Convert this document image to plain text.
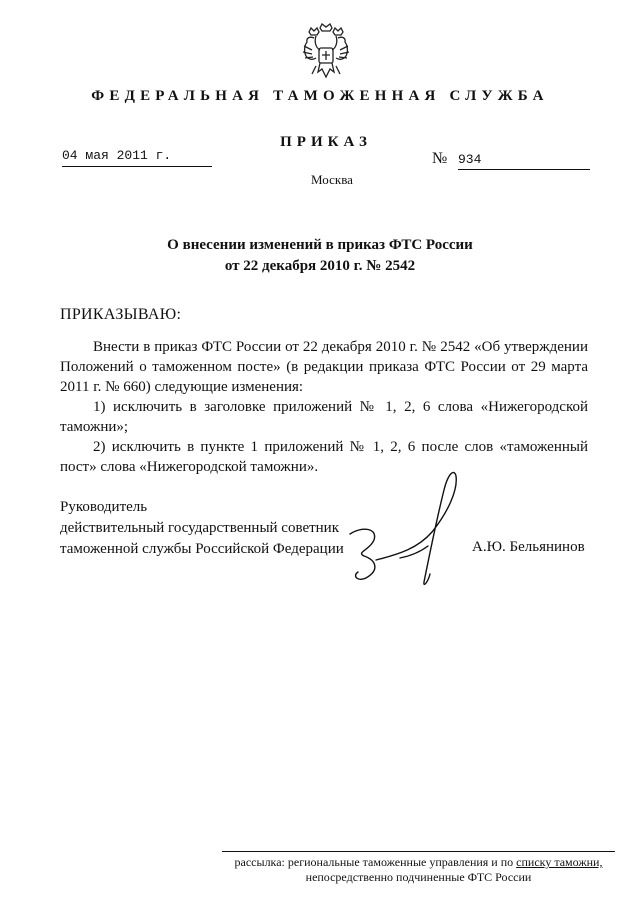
ФЕДЕРАЛЬНАЯ ТАМОЖЕННАЯ СЛУЖБА
ПРИКАЗ
04 мая 2011 г.	№ 934
Москва
О внесении изменений в приказ ФТС России
от 22 декабря 2010 г. № 2542
ПРИКАЗЫВАЮ:

Внести в приказ ФТС России от 22 декабря 2010 г. № 2542 «Об утверждении Положений о таможенном посте» (в редакции приказа ФТС России от 29 марта 2011 г. № 660) следующие изменения:

1) исключить в заголовке приложений № 1, 2, 6 слова «Нижегородской таможни»;

2) исключить в пункте 1 приложений № 1, 2, 6 после слов «таможенный пост» слова «Нижегородской таможни».

Руководитель
действительный государственный советник
таможенной службы Российской Федерации	А.Ю. Бельянинов
рассылка: региональные таможенные управления и по списку таможни,
непосредственно подчиненные ФТС России
